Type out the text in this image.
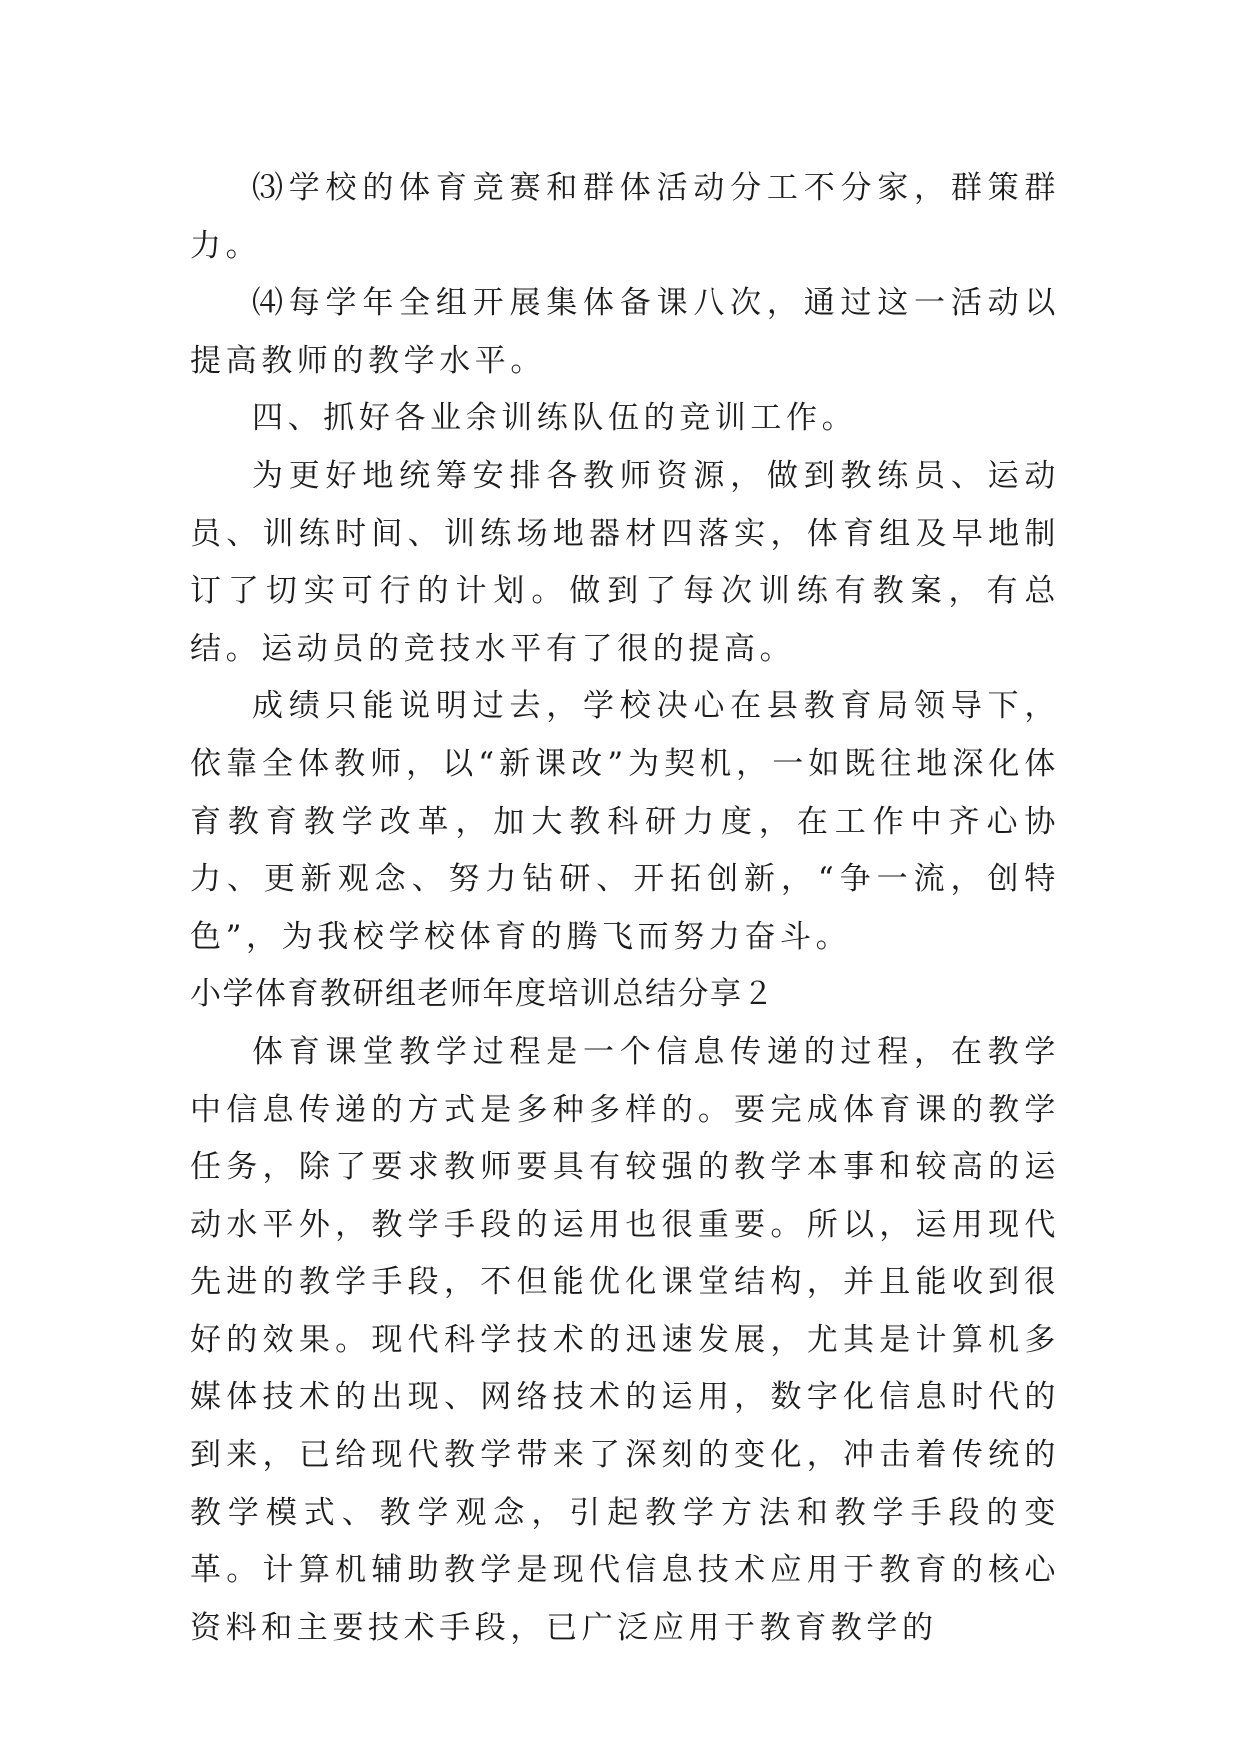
⑶学校的体育竞赛和群体活动分工不分家，群策群力。

⑷每学年全组开展集体备课八次，通过这一活动以提高教师的教学水平。

四、抓好各业余训练队伍的竞训工作。

为更好地统筹安排各教师资源，做到教练员、运动员、训练时间、训练场地器材四落实，体育组及早地制订了切实可行的计划。做到了每次训练有教案，有总结。运动员的竞技水平有了很的提高。

成绩只能说明过去，学校决心在县教育局领导下，依靠全体教师，以“新课改”为契机，一如既往地深化体育教育教学改革，加大教科研力度，在工作中齐心协力、更新观念、努力钻研、开拓创新，“争一流，创特色”，为我校学校体育的腾飞而努力奋斗。

小学体育教研组老师年度培训总结分享２

体育课堂教学过程是一个信息传递的过程，在教学中信息传递的方式是多种多样的。要完成体育课的教学任务，除了要求教师要具有较强的教学本事和较高的运动水平外，教学手段的运用也很重要。所以，运用现代先进的教学手段，不但能优化课堂结构，并且能收到很好的效果。现代科学技术的迅速发展，尤其是计算机多媒体技术的出现、网络技术的运用，数字化信息时代的到来，已给现代教学带来了深刻的变化，冲击着传统的教学模式、教学观念，引起教学方法和教学手段的变革。计算机辅助教学是现代信息技术应用于教育的核心资料和主要技术手段，已广泛应用于教育教学的
